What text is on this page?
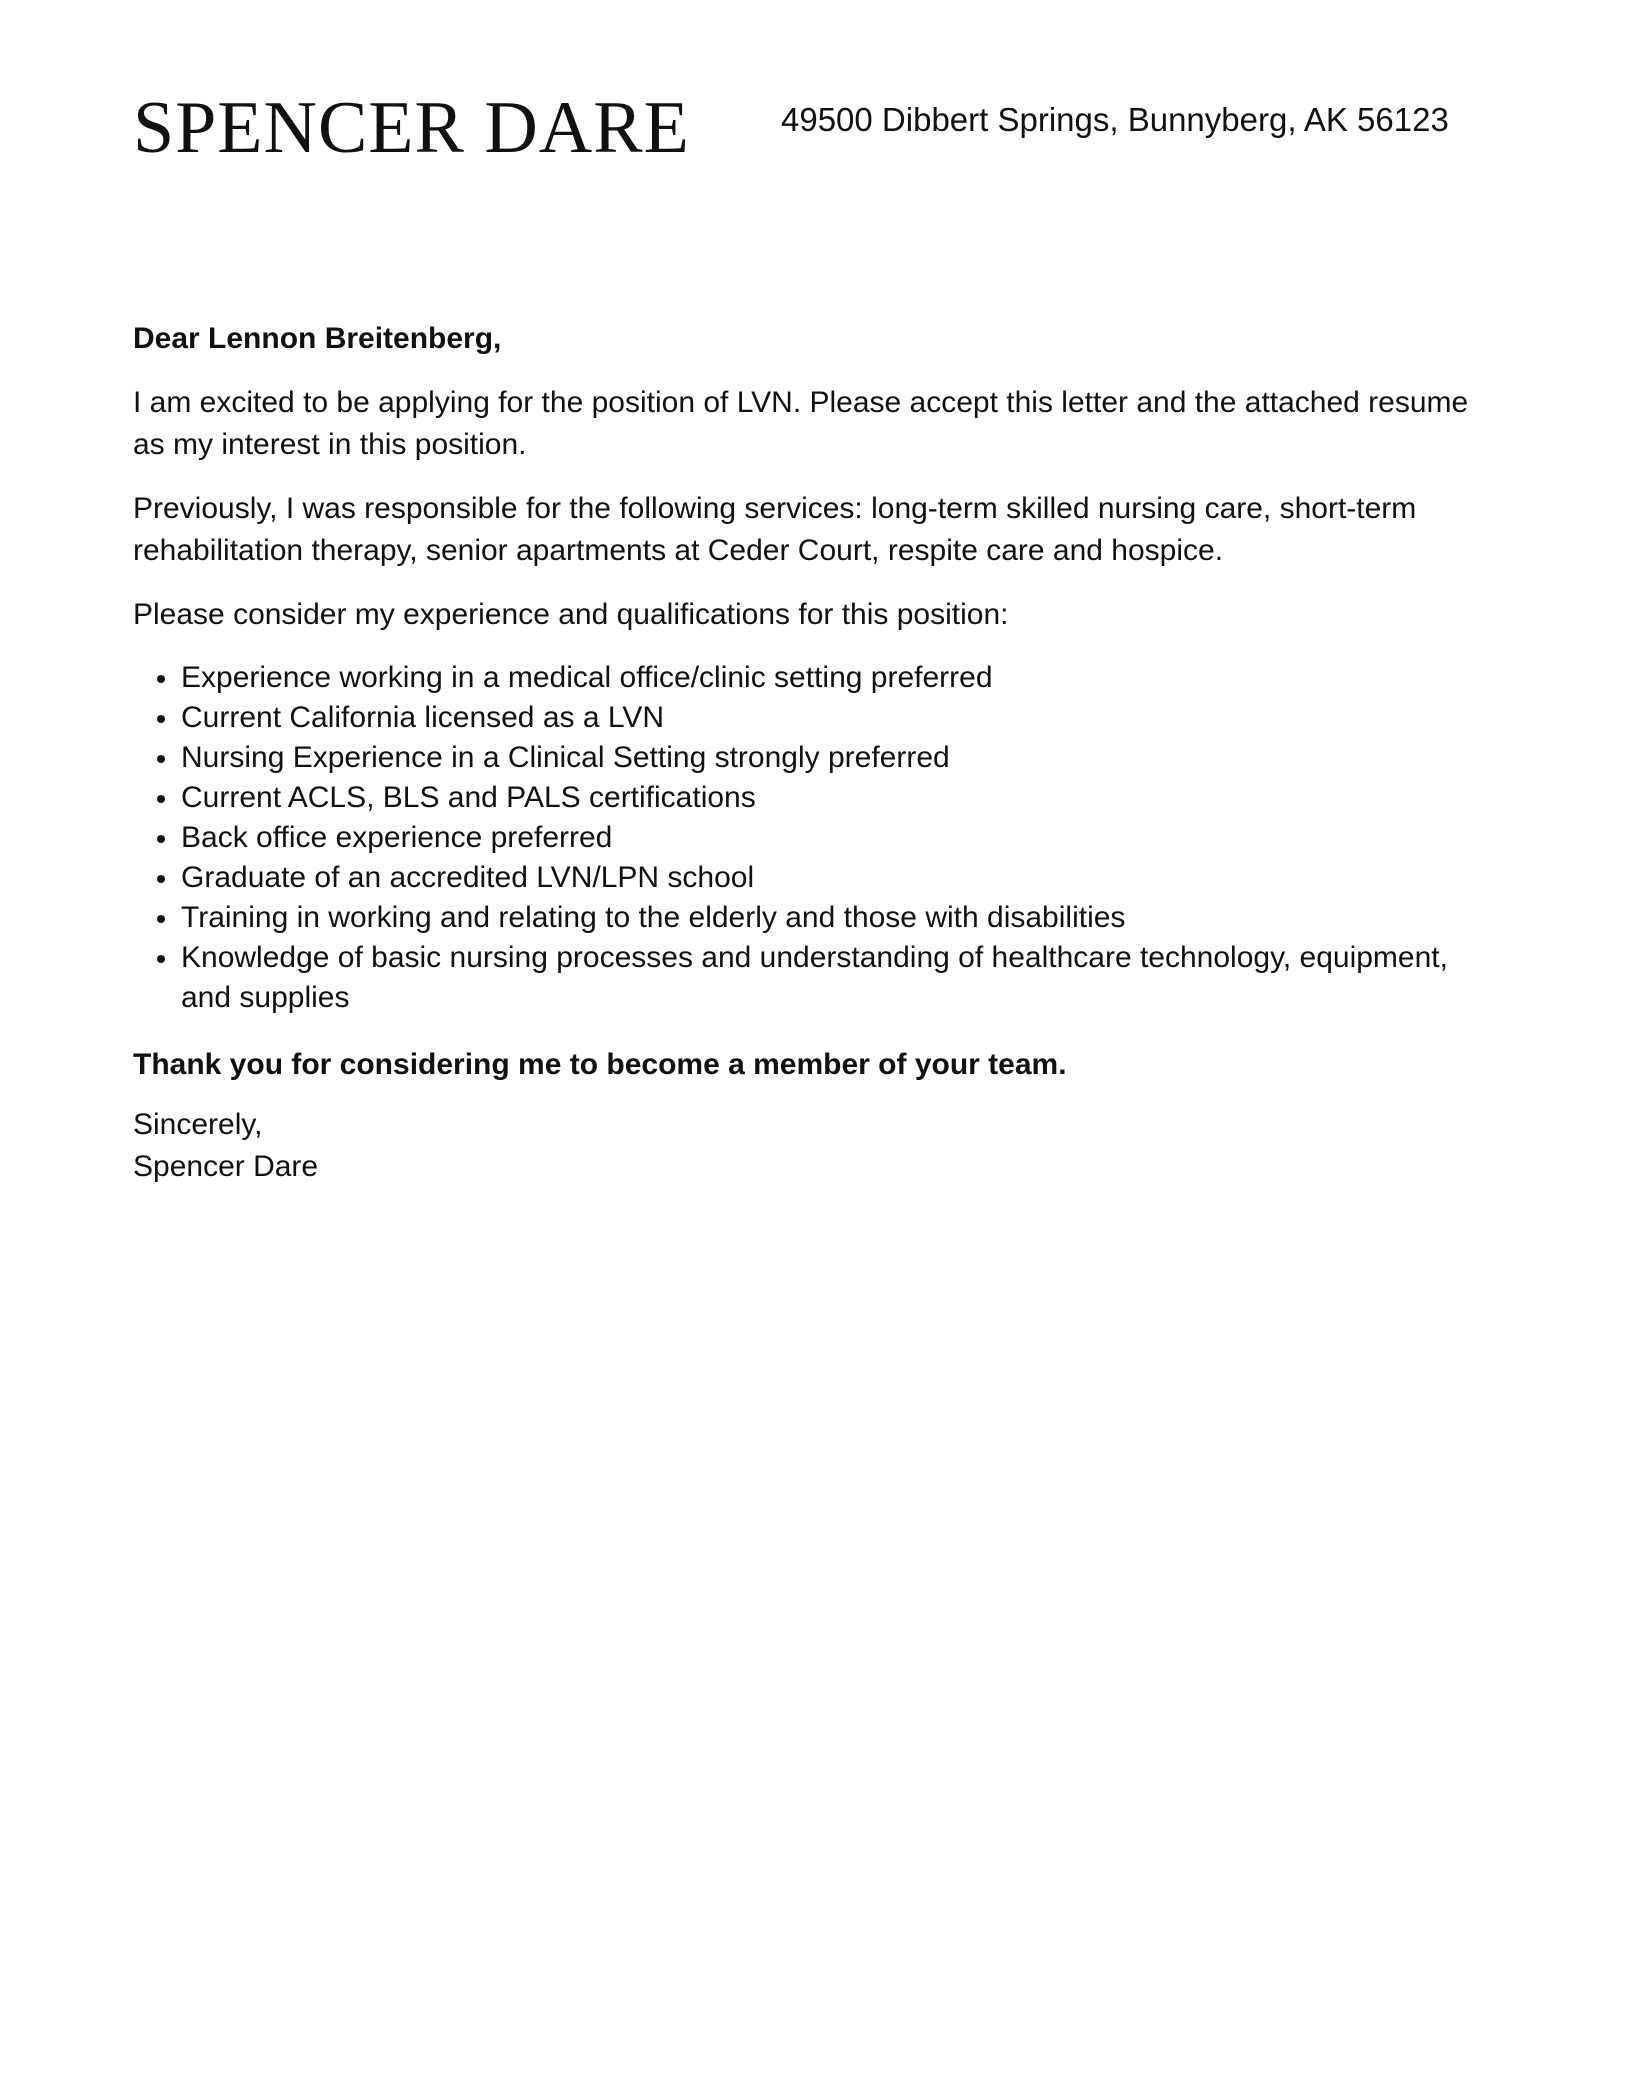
SPENCER DARE	49500 Dibbert Springs, Bunnyberg, AK 56123

Dear Lennon Breitenberg,

I am excited to be applying for the position of LVN. Please accept this letter and the attached resume as my interest in this position.

Previously, I was responsible for the following services: long-term skilled nursing care, short-term rehabilitation therapy, senior apartments at Ceder Court, respite care and hospice.

Please consider my experience and qualifications for this position:

Experience working in a medical office/clinic setting preferred
Current California licensed as a LVN
Nursing Experience in a Clinical Setting strongly preferred
Current ACLS, BLS and PALS certifications
Back office experience preferred
Graduate of an accredited LVN/LPN school
Training in working and relating to the elderly and those with disabilities
Knowledge of basic nursing processes and understanding of healthcare technology, equipment, and supplies

Thank you for considering me to become a member of your team.

Sincerely,

Spencer Dare
